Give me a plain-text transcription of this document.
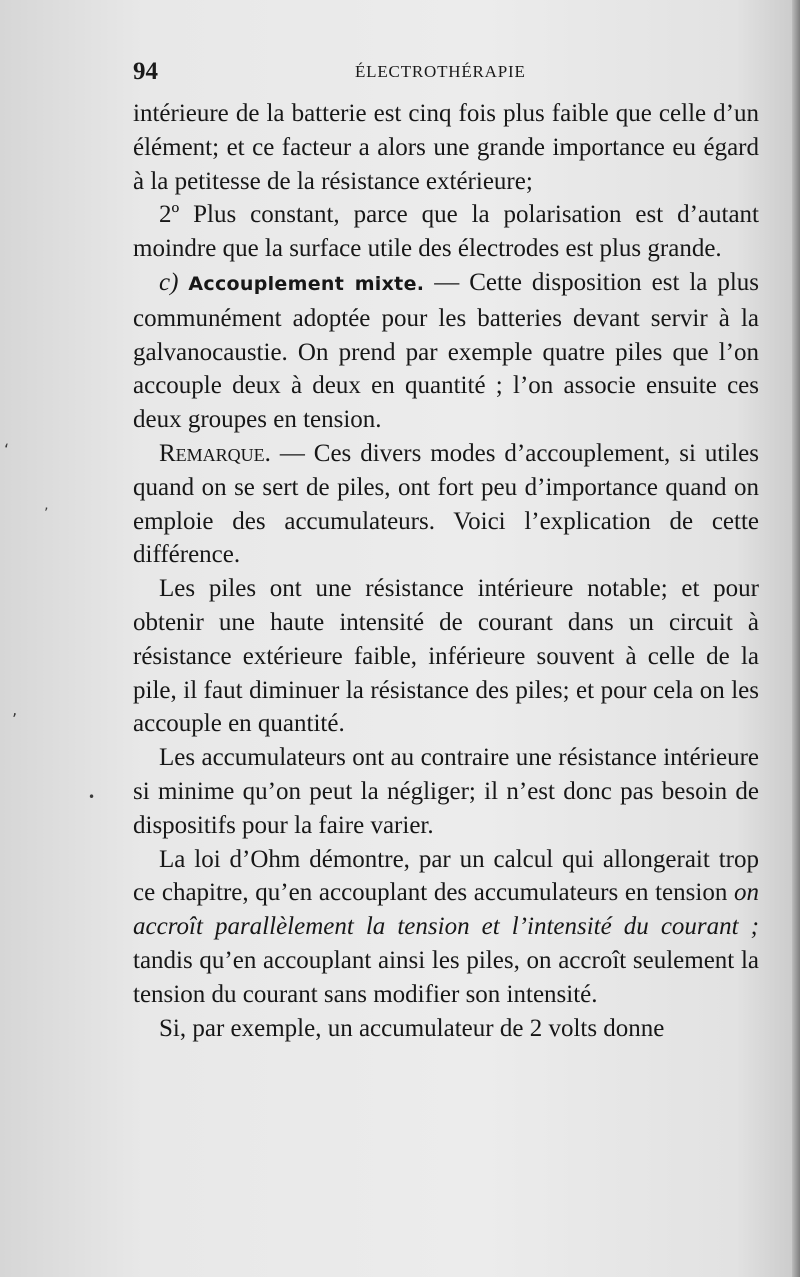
94	ÉLECTROTHÉRAPIE

intérieure de la batterie est cinq fois plus faible que celle d’un élément; et ce facteur a alors une grande importance eu égard à la petitesse de la résistance extérieure;

2º Plus constant, parce que la polarisation est d’autant moindre que la surface utile des électrodes est plus grande.

c) Accouplement mixte. — Cette disposition est la plus communément adoptée pour les batteries devant servir à la galvanocaustie. On prend par exemple quatre piles que l’on accouple deux à deux en quantité ; l’on associe ensuite ces deux groupes en tension.

Remarque. — Ces divers modes d’accouplement, si utiles quand on se sert de piles, ont fort peu d’importance quand on emploie des accumulateurs. Voici l’explication de cette différence.

Les piles ont une résistance intérieure notable; et pour obtenir une haute intensité de courant dans un circuit à résistance extérieure faible, inférieure souvent à celle de la pile, il faut diminuer la résistance des piles; et pour cela on les accouple en quantité.

Les accumulateurs ont au contraire une résistance intérieure si minime qu’on peut la négliger; il n’est donc pas besoin de dispositifs pour la faire varier.

La loi d’Ohm démontre, par un calcul qui allongerait trop ce chapitre, qu’en accouplant des accumulateurs en tension on accroît parallèlement la tension et l’intensité du courant ; tandis qu’en accouplant ainsi les piles, on accroît seulement la tension du courant sans modifier son intensité.

Si, par exemple, un accumulateur de 2 volts donne

‘
’
‚
•
